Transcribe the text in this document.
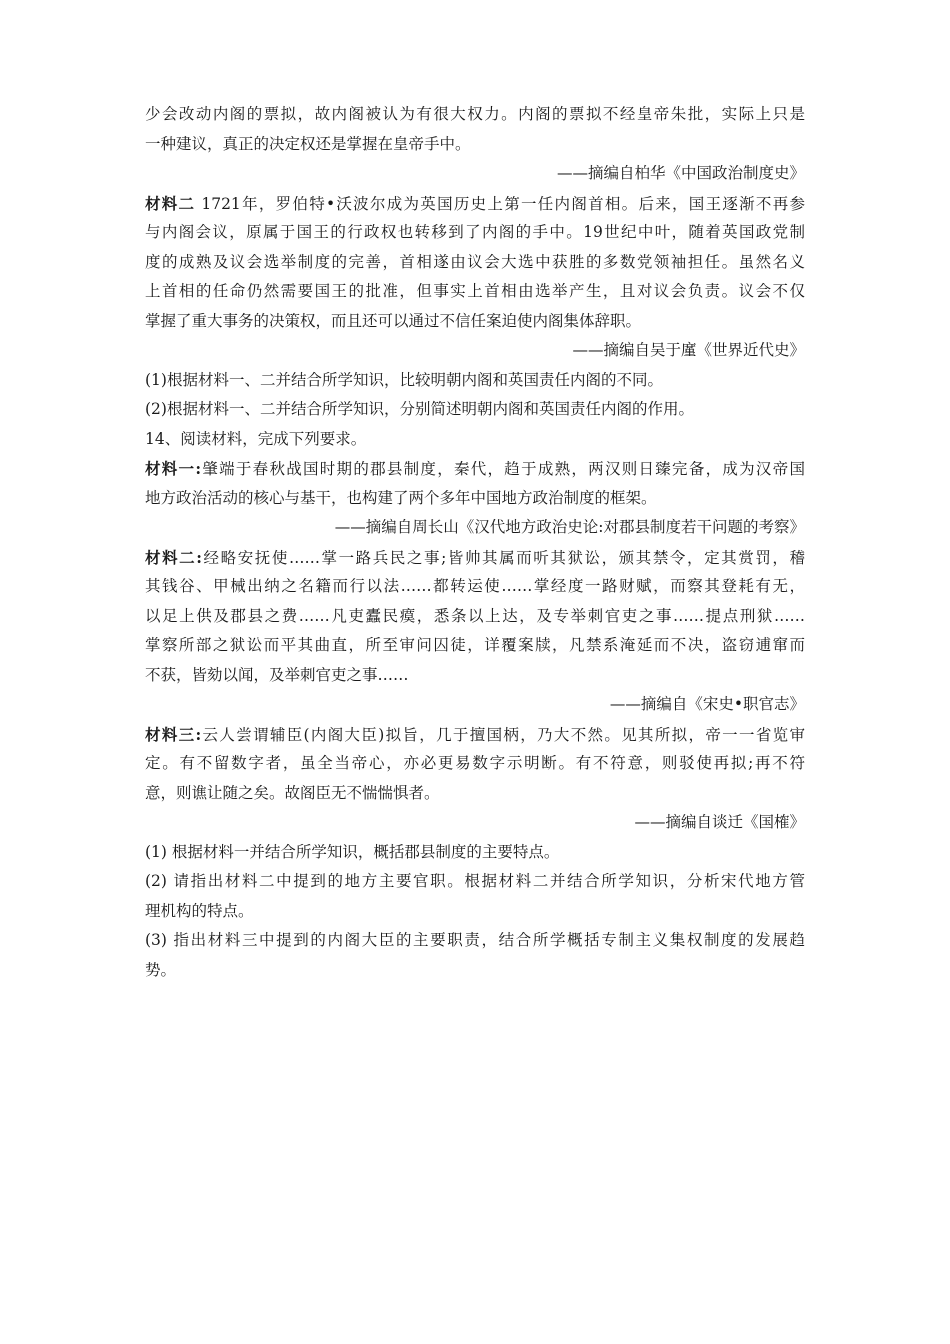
少会改动内阁的票拟，故内阁被认为有很大权力。内阁的票拟不经皇帝朱批，实际上只是
一种建议，真正的决定权还是掌握在皇帝手中。
——摘编自柏华《中国政治制度史》
材料二 1721年，罗伯特•沃波尔成为英国历史上第一任内阁首相。后来，国王逐渐不再参
与内阁会议，原属于国王的行政权也转移到了内阁的手中。19世纪中叶，随着英国政党制
度的成熟及议会选举制度的完善，首相遂由议会大选中获胜的多数党领袖担任。虽然名义
上首相的任命仍然需要国王的批准，但事实上首相由选举产生，且对议会负责。议会不仅
掌握了重大事务的决策权，而且还可以通过不信任案迫使内阁集体辞职。
——摘编自吴于廑《世界近代史》
(1)根据材料一、二并结合所学知识，比较明朝内阁和英国责任内阁的不同。
(2)根据材料一、二并结合所学知识，分别简述明朝内阁和英国责任内阁的作用。
14、阅读材料，完成下列要求。
材料一:肇端于春秋战国时期的郡县制度，秦代，趋于成熟，两汉则日臻完备，成为汉帝国
地方政治活动的核心与基干，也构建了两个多年中国地方政治制度的框架。
——摘编自周长山《汉代地方政治史论:对郡县制度若干问题的考察》
材料二:经略安抚使……掌一路兵民之事;皆帅其属而听其狱讼，颁其禁令，定其赏罚，稽
其钱谷、甲械出纳之名籍而行以法……都转运使……掌经度一路财赋，而察其登耗有无，
以足上供及郡县之费……凡吏蠹民瘼，悉条以上达，及专举刺官吏之事……提点刑狱……
掌察所部之狱讼而平其曲直，所至审问囚徒，详覆案牍，凡禁系淹延而不决，盗窃逋窜而
不获，皆劾以闻，及举刺官吏之事……
——摘编自《宋史•职官志》
材料三:云人尝谓辅臣(内阁大臣)拟旨，几于擅国柄，乃大不然。见其所拟，帝一一省览审
定。有不留数字者，虽全当帝心，亦必更易数字示明断。有不符意，则驳使再拟;再不符
意，则谯让随之矣。故阁臣无不惴惴惧者。
——摘编自谈迁《国榷》
(1) 根据材料一并结合所学知识，概括郡县制度的主要特点。
(2) 请指出材料二中提到的地方主要官职。根据材料二并结合所学知识，分析宋代地方管
理机构的特点。
(3) 指出材料三中提到的内阁大臣的主要职责，结合所学概括专制主义集权制度的发展趋
势。
